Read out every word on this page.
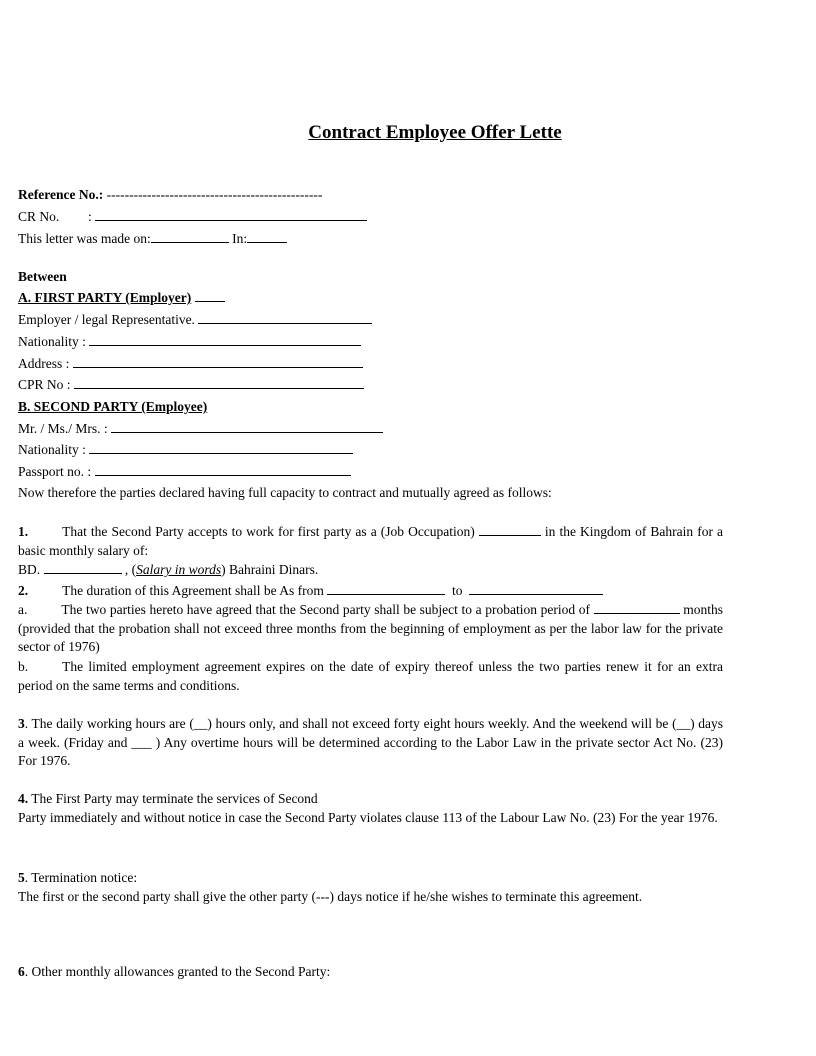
Contract Employee Offer Lette
Reference No.: ------------------------------------------------
CR No. :
This letter was made on:	In:
Between
A. FIRST PARTY (Employer)
Employer / legal Representative.
Nationality :
Address :
CPR No :
B. SECOND PARTY (Employee)
Mr. / Ms./ Mrs. :
Nationality :
Passport no. :
Now therefore the parties declared having full capacity to contract and mutually agreed as follows:
1.	That the Second Party accepts to work for first party as a (Job Occupation)	in the Kingdom of Bahrain for a basic monthly salary of:
BD.	, (Salary in words) Bahraini Dinars.
2.	The duration of this Agreement shall be As from	to
a.	The two parties hereto have agreed that the Second party shall be subject to a probation period of	months (provided that the probation shall not exceed three months from the beginning of employment as per the labor law for the private sector of 1976)
b.	The limited employment agreement expires on the date of expiry thereof unless the two parties renew it for an extra period on the same terms and conditions.
3. The daily working hours are (__) hours only, and shall not exceed forty eight hours weekly. And the weekend will be (__) days a week. (Friday and ___ ) Any overtime hours will be determined according to the Labor Law in the private sector Act No. (23) For 1976.
4. The First Party may terminate the services of Second
Party immediately and without notice in case the Second Party violates clause 113 of the Labour Law No. (23) For the year 1976.
5. Termination notice:
The first or the second party shall give the other party (---) days notice if he/she wishes to terminate this agreement.
6. Other monthly allowances granted to the Second Party:
